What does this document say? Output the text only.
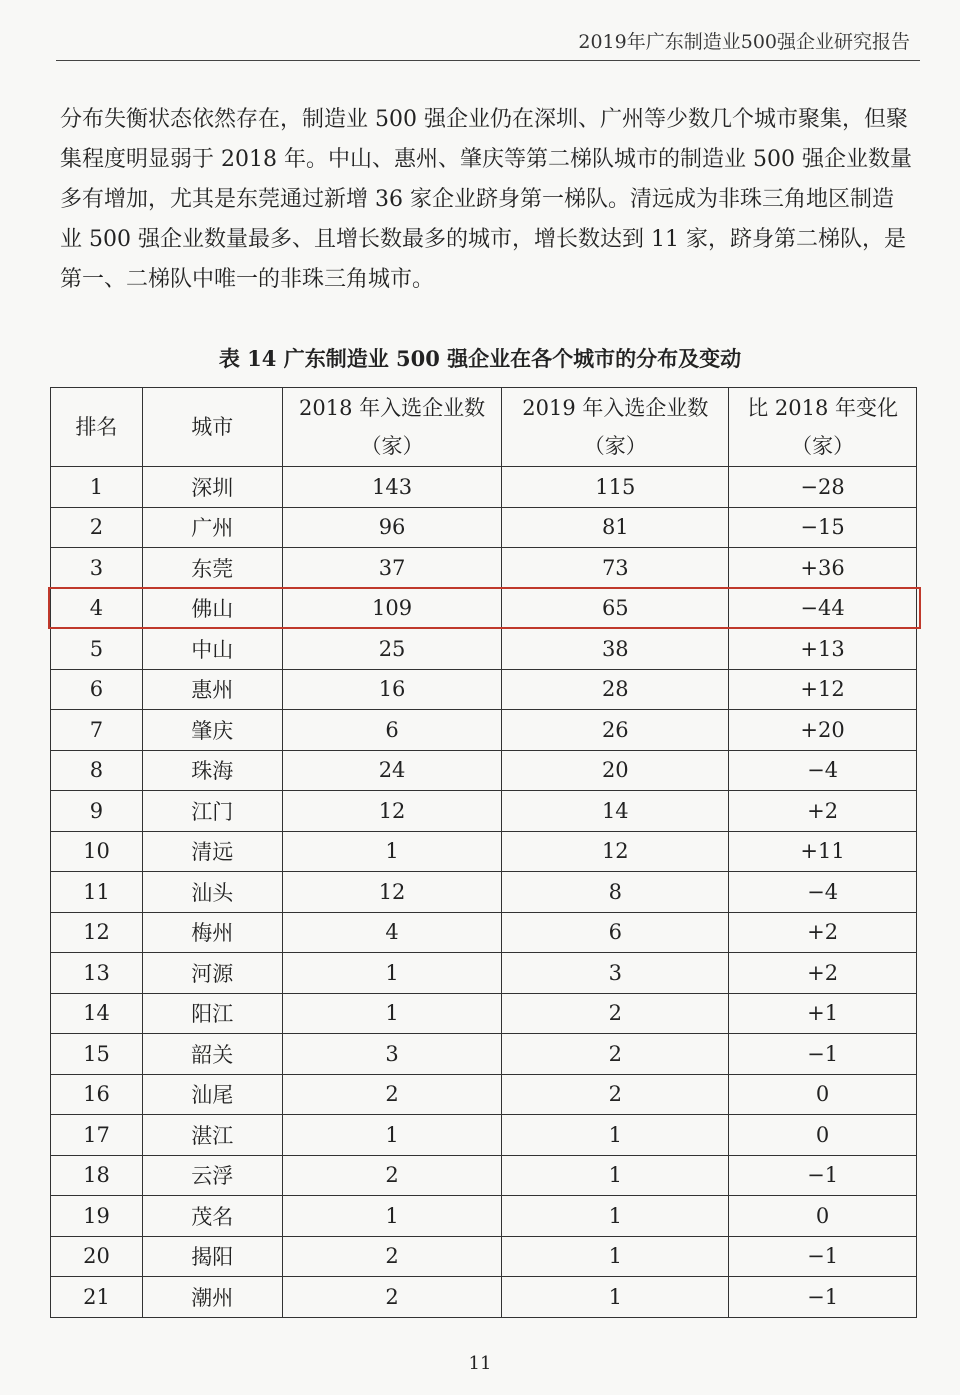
2019年广东制造业500强企业研究报告

分布失衡状态依然存在，制造业 500 强企业仍在深圳、广州等少数几个城市聚集，但聚
集程度明显弱于 2018 年。中山、惠州、肇庆等第二梯队城市的制造业 500 强企业数量
多有增加，尤其是东莞通过新增 36 家企业跻身第一梯队。清远成为非珠三角地区制造
业 500 强企业数量最多、且增长数最多的城市，增长数达到 11 家，跻身第二梯队，是
第一、二梯队中唯一的非珠三角城市。

表 14 广东制造业 500 强企业在各个城市的分布及变动
排名	城市	2018 年入选企业数
（家）	2019 年入选企业数
（家）	比 2018 年变化
（家）
1	深圳	143	115	−28
2	广州	96	81	−15
3	东莞	37	73	+36
4	佛山	109	65	−44
5	中山	25	38	+13
6	惠州	16	28	+12
7	肇庆	6	26	+20
8	珠海	24	20	−4
9	江门	12	14	+2
10	清远	1	12	+11
11	汕头	12	8	−4
12	梅州	4	6	+2
13	河源	1	3	+2
14	阳江	1	2	+1
15	韶关	3	2	−1
16	汕尾	2	2	0
17	湛江	1	1	0
18	云浮	2	1	−1
19	茂名	1	1	0
20	揭阳	2	1	−1
21	潮州	2	1	−1
11
